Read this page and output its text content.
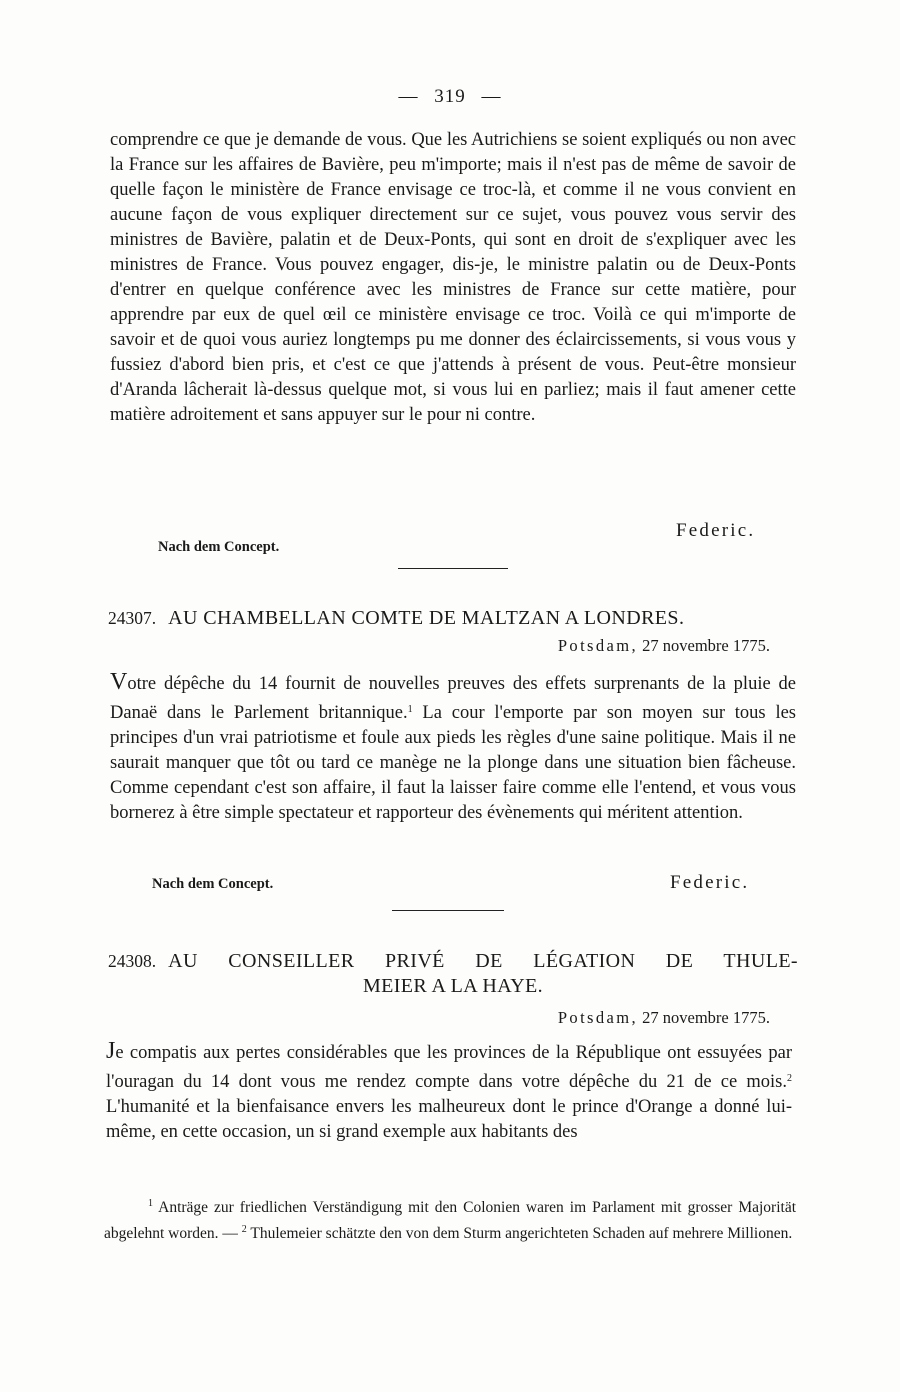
— 319 —

comprendre ce que je demande de vous. Que les Autrichiens se soient expliqués ou non avec la France sur les affaires de Bavière, peu m'importe; mais il n'est pas de même de savoir de quelle façon le ministère de France envisage ce troc-là, et comme il ne vous convient en aucune façon de vous expliquer directement sur ce sujet, vous pouvez vous servir des ministres de Bavière, palatin et de Deux-Ponts, qui sont en droit de s'expliquer avec les ministres de France. Vous pouvez engager, dis-je, le ministre palatin ou de Deux-Ponts d'entrer en quelque conférence avec les ministres de France sur cette matière, pour apprendre par eux de quel œil ce ministère envisage ce troc. Voilà ce qui m'importe de savoir et de quoi vous auriez longtemps pu me donner des éclaircissements, si vous vous y fussiez d'abord bien pris, et c'est ce que j'attends à présent de vous. Peut-être monsieur d'Aranda lâcherait là-dessus quelque mot, si vous lui en parliez; mais il faut amener cette matière adroitement et sans appuyer sur le pour ni contre.

Federic.
Nach dem Concept.
24307. AU CHAMBELLAN COMTE DE MALTZAN A LONDRES.
Potsdam, 27 novembre 1775.

Votre dépêche du 14 fournit de nouvelles preuves des effets surprenants de la pluie de Danaë dans le Parlement britannique.$^1$ La cour l'emporte par son moyen sur tous les principes d'un vrai patriotisme et foule aux pieds les règles d'une saine politique. Mais il ne saurait manquer que tôt ou tard ce manège ne la plonge dans une situation bien fâcheuse. Comme cependant c'est son affaire, il faut la laisser faire comme elle l'entend, et vous vous bornerez à être simple spectateur et rapporteur des évènements qui méritent attention.

Nach dem Concept.	Federic.
24308. AU CONSEILLER PRIVÉ DE LÉGATION DE THULE-
MEIER A LA HAYE.
Potsdam, 27 novembre 1775.

Je compatis aux pertes considérables que les provinces de la République ont essuyées par l'ouragan du 14 dont vous me rendez compte dans votre dépêche du 21 de ce mois.$^2$ L'humanité et la bienfaisance envers les malheureux dont le prince d'Orange a donné lui-même, en cette occasion, un si grand exemple aux habitants des

$^1$ Anträge zur friedlichen Verständigung mit den Colonien waren im Parlament mit grosser Majorität abgelehnt worden. — $^2$ Thulemeier schätzte den von dem Sturm angerichteten Schaden auf mehrere Millionen.
